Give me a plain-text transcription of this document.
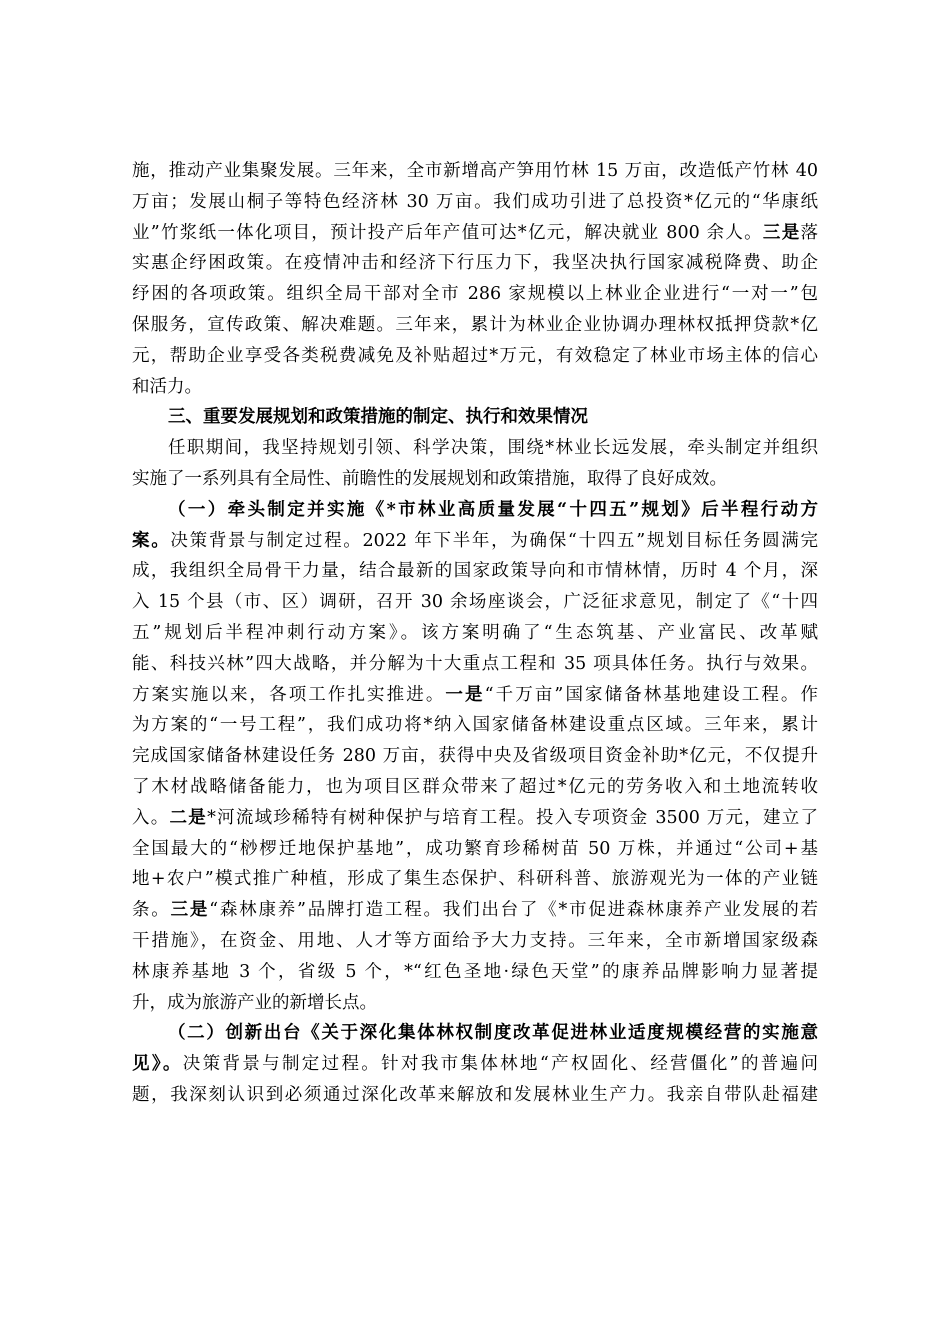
施，推动产业集聚发展。三年来，全市新增高产笋用竹林 15 万亩，改造低产竹林 40
万亩；发展山桐子等特色经济林 30 万亩。我们成功引进了总投资*亿元的“华康纸
业”竹浆纸一体化项目，预计投产后年产值可达*亿元，解决就业 800 余人。三是落
实惠企纾困政策。在疫情冲击和经济下行压力下，我坚决执行国家减税降费、助企
纾困的各项政策。组织全局干部对全市 286 家规模以上林业企业进行“一对一”包
保服务，宣传政策、解决难题。三年来，累计为林业企业协调办理林权抵押贷款*亿
元，帮助企业享受各类税费减免及补贴超过*万元，有效稳定了林业市场主体的信心
和活力。
三、重要发展规划和政策措施的制定、执行和效果情况
任职期间，我坚持规划引领、科学决策，围绕*林业长远发展，牵头制定并组织
实施了一系列具有全局性、前瞻性的发展规划和政策措施，取得了良好成效。
（一）牵头制定并实施《*市林业高质量发展“十四五”规划》后半程行动方
案。决策背景与制定过程。2022 年下半年，为确保“十四五”规划目标任务圆满完
成，我组织全局骨干力量，结合最新的国家政策导向和市情林情，历时 4 个月，深
入 15 个县（市、区）调研，召开 30 余场座谈会，广泛征求意见，制定了《“十四
五”规划后半程冲刺行动方案》。该方案明确了“生态筑基、产业富民、改革赋
能、科技兴林”四大战略，并分解为十大重点工程和 35 项具体任务。执行与效果。
方案实施以来，各项工作扎实推进。一是“千万亩”国家储备林基地建设工程。作
为方案的“一号工程”，我们成功将*纳入国家储备林建设重点区域。三年来，累计
完成国家储备林建设任务 280 万亩，获得中央及省级项目资金补助*亿元，不仅提升
了木材战略储备能力，也为项目区群众带来了超过*亿元的劳务收入和土地流转收
入。二是*河流域珍稀特有树种保护与培育工程。投入专项资金 3500 万元，建立了
全国最大的“桫椤迁地保护基地”，成功繁育珍稀树苗 50 万株，并通过“公司+基
地+农户”模式推广种植，形成了集生态保护、科研科普、旅游观光为一体的产业链
条。三是“森林康养”品牌打造工程。我们出台了《*市促进森林康养产业发展的若
干措施》，在资金、用地、人才等方面给予大力支持。三年来，全市新增国家级森
林康养基地 3 个，省级 5 个，*“红色圣地·绿色天堂”的康养品牌影响力显著提
升，成为旅游产业的新增长点。
（二）创新出台《关于深化集体林权制度改革促进林业适度规模经营的实施意
见》。决策背景与制定过程。针对我市集体林地“产权固化、经营僵化”的普遍问
题，我深刻认识到必须通过深化改革来解放和发展林业生产力。我亲自带队赴福建
